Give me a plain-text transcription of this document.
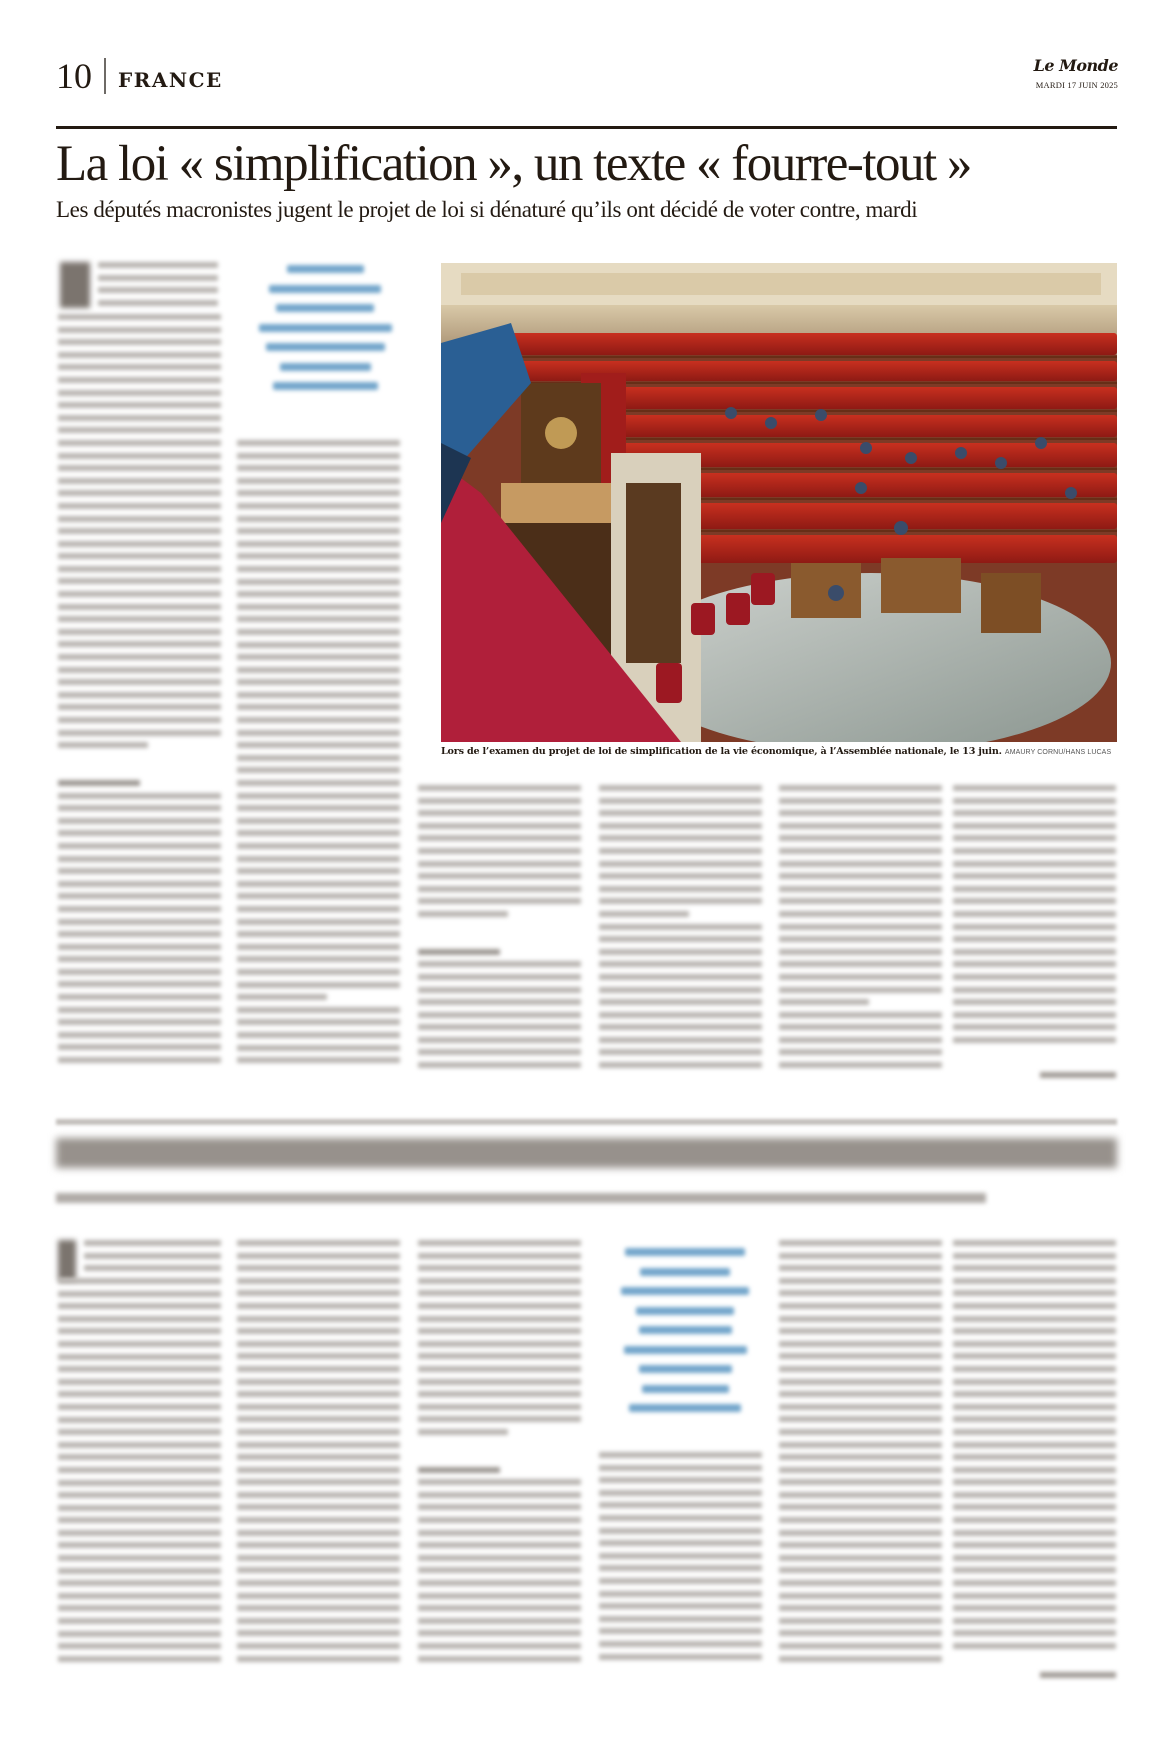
10 FRANCE
Le Monde
MARDI 17 JUIN 2025
La loi « simplification », un texte « fourre-tout »
Les députés macronistes jugent le projet de loi si dénaturé qu’ils ont décidé de voter contre, mardi
Lors de l’examen du projet de loi de simplification de la vie économique, à l’Assemblée nationale, le 13 juin. AMAURY CORNU/HANS LUCAS
